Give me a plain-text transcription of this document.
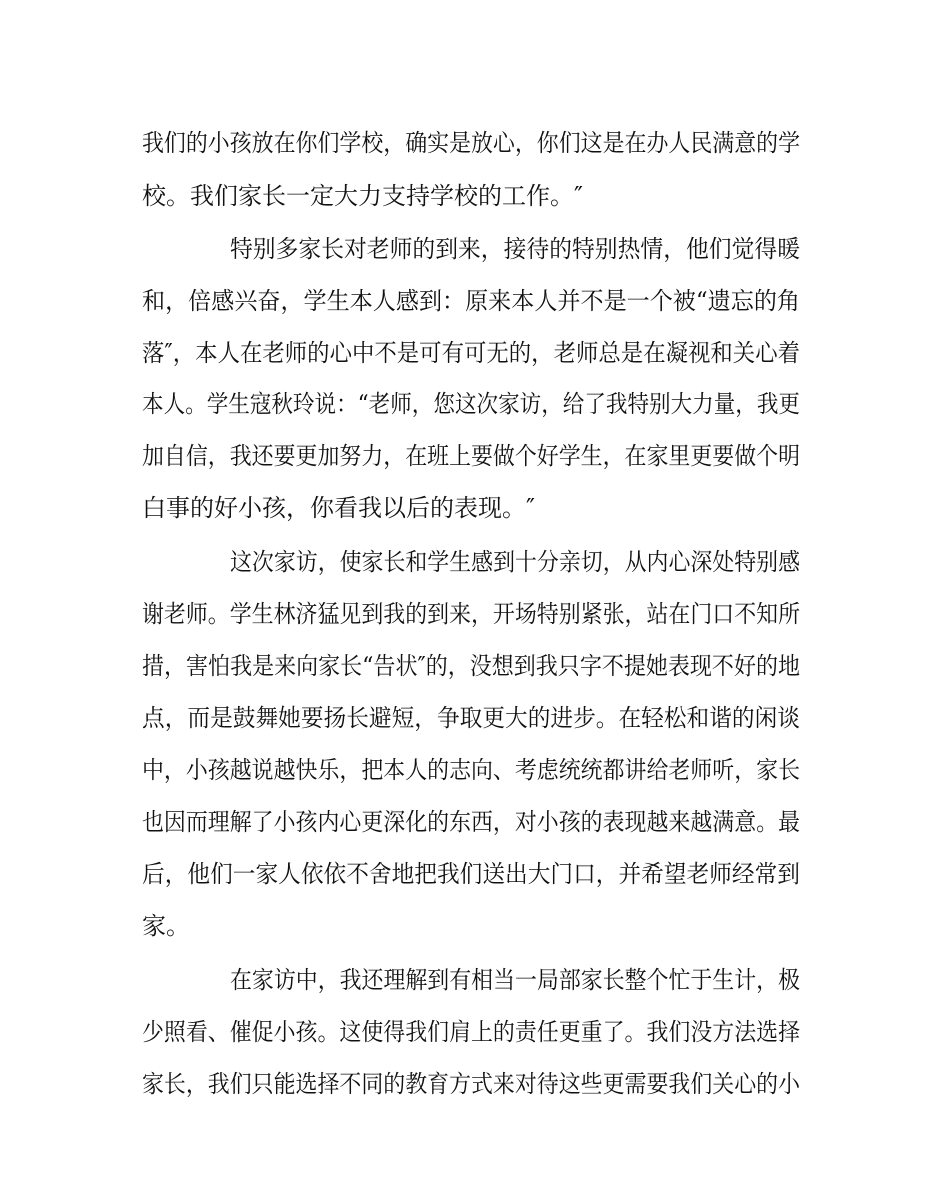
我们的小孩放在你们学校，确实是放心，你们这是在办人民满意的学
校。我们家长一定大力支持学校的工作。″
特别多家长对老师的到来，接待的特别热情，他们觉得暖
和，倍感兴奋，学生本人感到：原来本人并不是一个被“遗忘的角
落″，本人在老师的心中不是可有可无的，老师总是在凝视和关心着
本人。学生寇秋玲说：“老师，您这次家访，给了我特别大力量，我更
加自信，我还要更加努力，在班上要做个好学生，在家里更要做个明
白事的好小孩，你看我以后的表现。″
这次家访，使家长和学生感到十分亲切，从内心深处特别感
谢老师。学生林济猛见到我的到来，开场特别紧张，站在门口不知所
措，害怕我是来向家长“告状″的，没想到我只字不提她表现不好的地
点，而是鼓舞她要扬长避短，争取更大的进步。在轻松和谐的闲谈
中，小孩越说越快乐，把本人的志向、考虑统统都讲给老师听，家长
也因而理解了小孩内心更深化的东西，对小孩的表现越来越满意。最
后，他们一家人依依不舍地把我们送出大门口，并希望老师经常到
家。
在家访中，我还理解到有相当一局部家长整个忙于生计，极
少照看、催促小孩。这使得我们肩上的责任更重了。我们没方法选择
家长，我们只能选择不同的教育方式来对待这些更需要我们关心的小
